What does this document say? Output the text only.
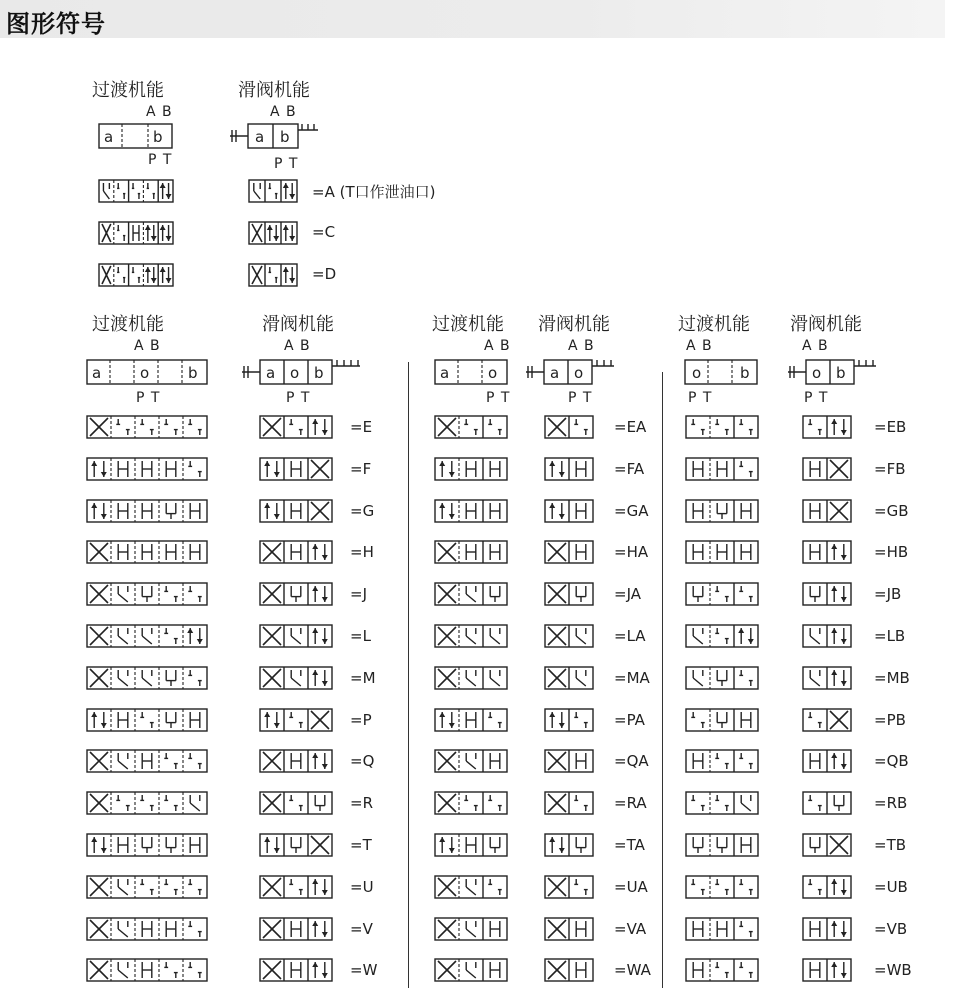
图形符号
过渡机能	滑阀机能
A B	A B
a	b	a b
P T	P T
过渡机能	滑阀机能	过渡机能 滑阀机能	过渡机能 滑阀机能
A B	A B
a	o	b	a o b
P T	P T
A B	A B
a	o	a o
P T	P T
A B	A B
o	b	o b
P T	P T
=A (T口作泄油口)
=C
=D
=E	=EA	=EB
=F	=FA	=FB
=G	=GA	=GB
=H	=HA	=HB
=J	=JA	=JB
=L	=LA	=LB
=M	=MA	=MB
=P	=PA	=PB
=Q	=QA	=QB
=R	=RA	=RB
=T	=TA	=TB
=U	=UA	=UB
=V	=VA	=VB
=W	=WA	=WB
